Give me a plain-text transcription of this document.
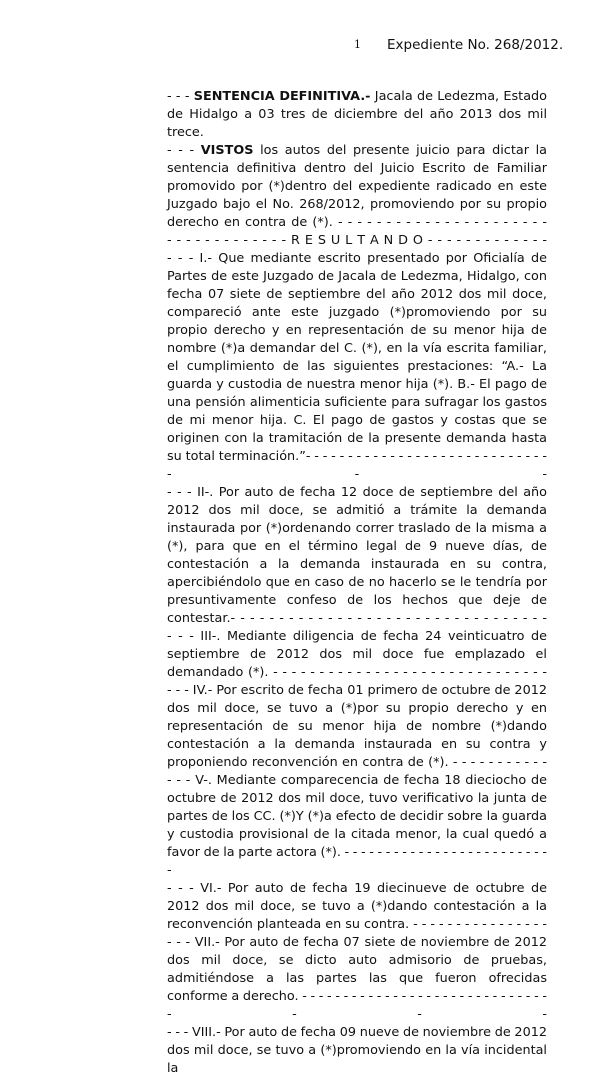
1 Expediente No. 268/2012.

- - - SENTENCIA DEFINITIVA.- Jacala de Ledezma, Estado de Hidalgo a 03 tres de diciembre del año 2013 dos mil trece.

- - - VISTOS los autos del presente juicio para dictar la sentencia definitiva dentro del Juicio Escrito de Familiar promovido por (*)dentro del expediente radicado en este Juzgado bajo el No. 268/2012, promoviendo por su propio derecho en contra de (*). - - - - - - - - - - - - - - - - - - - - - -

- - - - - - - - - - - - - R E S U L T A N D O - - - - - - - - - - - - -

- - - I.- Que mediante escrito presentado por Oficialía de Partes de este Juzgado de Jacala de Ledezma, Hidalgo, con fecha 07 siete de septiembre del año 2012 dos mil doce, compareció ante este juzgado (*)promoviendo por su propio derecho y en representación de su menor hija de nombre (*)a demandar del C. (*), en la vía escrita familiar, el cumplimiento de las siguientes prestaciones: “A.- La guarda y custodia de nuestra menor hija (*). B.- El pago de una pensión alimenticia suficiente para sufragar los gastos de mi menor hija. C. El pago de gastos y costas que se originen con la tramitación de la presente demanda hasta su total terminación.”- - - - - - - - - - - - - - - - - - - - - - - - - - - - - - - -

- - - II-. Por auto de fecha 12 doce de septiembre del año 2012 dos mil doce, se admitió a trámite la demanda instaurada por (*)ordenando correr traslado de la misma a (*), para que en el término legal de 9 nueve días, de contestación a la demanda instaurada en su contra, apercibiéndolo que en caso de no hacerlo se le tendría por presuntivamente confeso de los hechos que deje de contestar.- - - - - - - - - - - - - - - - - - - - - - - - - - - - - - - - -

- - - III-. Mediante diligencia de fecha 24 veinticuatro de septiembre de 2012 dos mil doce fue emplazado el demandado (*). - - - - - - - - - - - - - - - - - - - - - - - - - - - - - -

- - - IV.- Por escrito de fecha 01 primero de octubre de 2012 dos mil doce, se tuvo a (*)por su propio derecho y en representación de su menor hija de nombre (*)dando contestación a la demanda instaurada en su contra y proponiendo reconvención en contra de (*). - - - - - - - - - - -

- - - V-. Mediante comparecencia de fecha 18 dieciocho de octubre de 2012 dos mil doce, tuvo verificativo la junta de partes de los CC. (*)Y (*)a efecto de decidir sobre la guarda y custodia provisional de la citada menor, la cual quedó a favor de la parte actora (*). - - - - - - - - - - - - - - - - - - - - - - - - - -

- - - VI.- Por auto de fecha 19 diecinueve de octubre de 2012 dos mil doce, se tuvo a (*)dando contestación a la reconvención planteada en su contra. - - - - - - - - - - - - - - - -

- - - VII.- Por auto de fecha 07 siete de noviembre de 2012 dos mil doce, se dicto auto admisorio de pruebas, admitiéndose a las partes las que fueron ofrecidas conforme a derecho. - - - - - - - - - - - - - - - - - - - - - - - - - - - - - - - - - -

- - - VIII.- Por auto de fecha 09 nueve de noviembre de 2012 dos mil doce, se tuvo a (*)promoviendo en la vía incidental la
